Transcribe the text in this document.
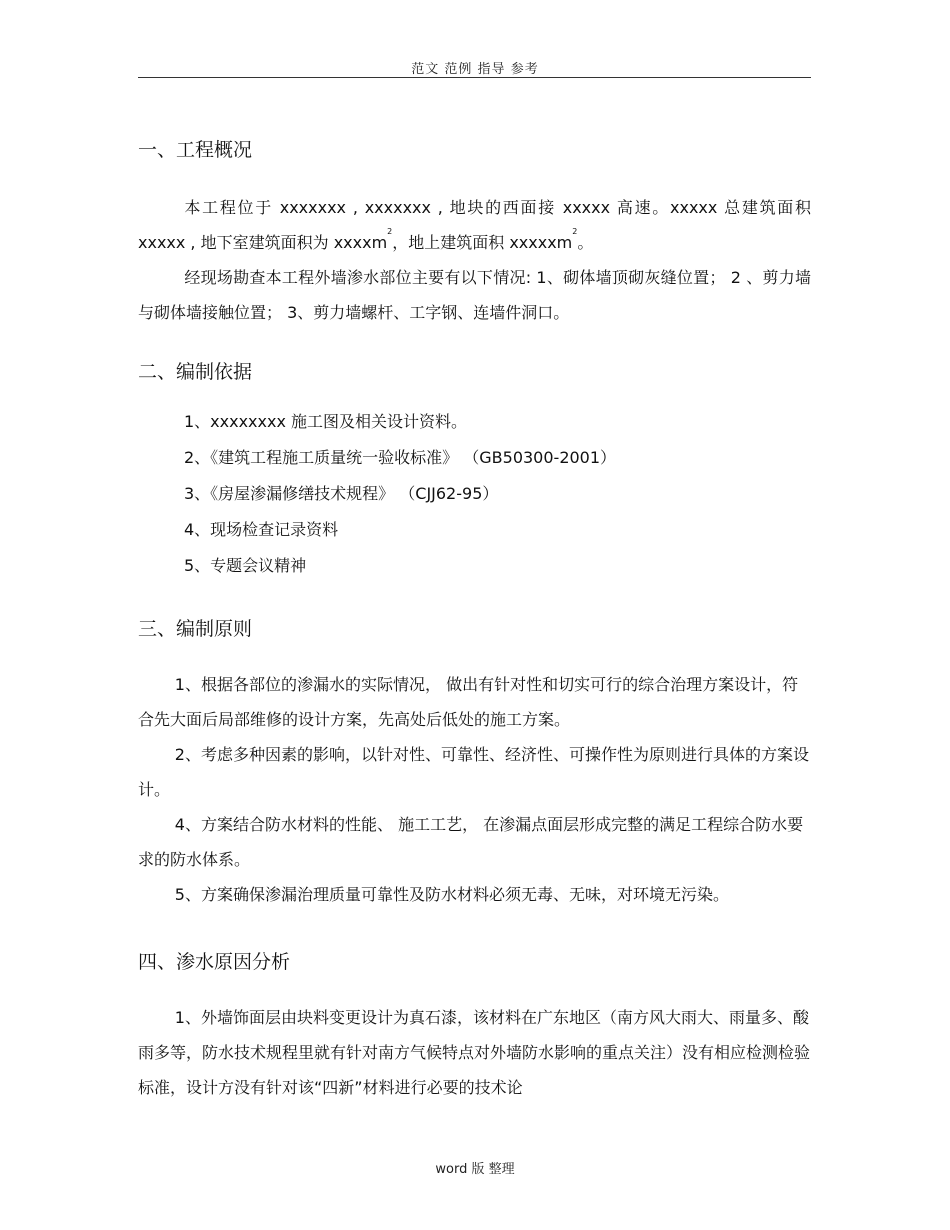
范文 范例 指导 参考
一、工程概况

本工程位于 xxxxxxx , xxxxxxx , 地块的西面接 xxxxx 高速。xxxxx 总建筑面积 xxxxx , 地下室建筑面积为 xxxxm$^2$，地上建筑面积 xxxxxm$^2$。

经现场勘查本工程外墙渗水部位主要有以下情况: 1、砌体墙顶砌灰缝位置； 2 、剪力墙与砌体墙接触位置； 3、剪力墙螺杆、工字钢、连墙件洞口。

二、编制依据
1、xxxxxxxx 施工图及相关设计资料。
2、《建筑工程施工质量统一验收标准》 （GB50300-2001）
3、《房屋渗漏修缮技术规程》 （CJJ62-95）
4、现场检查记录资料
5、专题会议精神
三、编制原则

1、根据各部位的渗漏水的实际情况， 做出有针对性和切实可行的综合治理方案设计，符合先大面后局部维修的设计方案，先高处后低处的施工方案。

2、考虑多种因素的影响，以针对性、可靠性、经济性、可操作性为原则进行具体的方案设计。

4、方案结合防水材料的性能、 施工工艺， 在渗漏点面层形成完整的满足工程综合防水要求的防水体系。

5、方案确保渗漏治理质量可靠性及防水材料必须无毒、无味，对环境无污染。

四、渗水原因分析

1、外墙饰面层由块料变更设计为真石漆，该材料在广东地区（南方风大雨大、雨量多、酸雨多等，防水技术规程里就有针对南方气候特点对外墙防水影响的重点关注）没有相应检测检验标准，设计方没有针对该“四新”材料进行必要的技术论

word 版 整理
